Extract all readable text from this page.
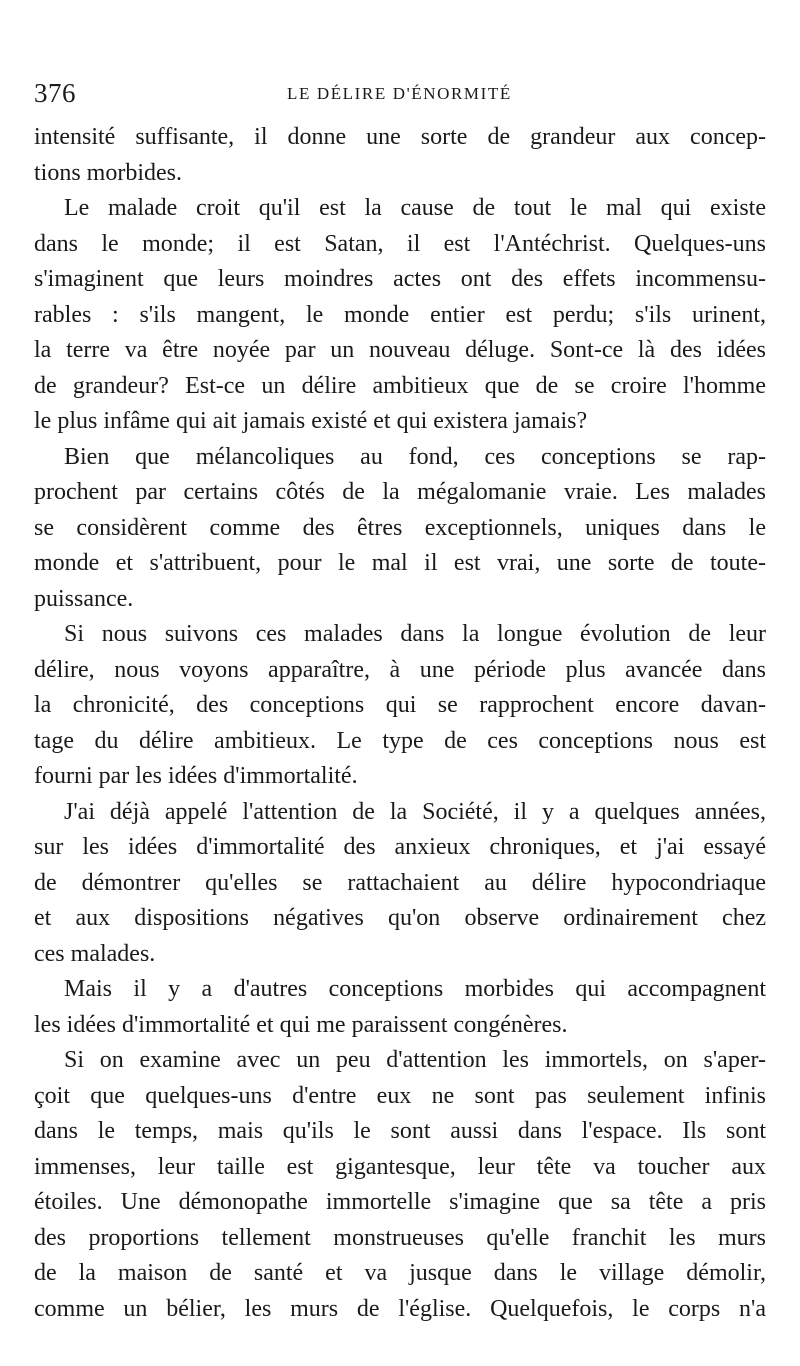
376	LE DÉLIRE D'ÉNORMITÉ
intensité suffisante, il donne une sorte de grandeur aux concep-
tions morbides.
Le malade croit qu'il est la cause de tout le mal qui existe
dans le monde; il est Satan, il est l'Antéchrist. Quelques-uns
s'imaginent que leurs moindres actes ont des effets incommensu-
rables : s'ils mangent, le monde entier est perdu; s'ils urinent,
la terre va être noyée par un nouveau déluge. Sont-ce là des idées
de grandeur? Est-ce un délire ambitieux que de se croire l'homme
le plus infâme qui ait jamais existé et qui existera jamais?
Bien que mélancoliques au fond, ces conceptions se rap-
prochent par certains côtés de la mégalomanie vraie. Les malades
se considèrent comme des êtres exceptionnels, uniques dans le
monde et s'attribuent, pour le mal il est vrai, une sorte de toute-
puissance.
Si nous suivons ces malades dans la longue évolution de leur
délire, nous voyons apparaître, à une période plus avancée dans
la chronicité, des conceptions qui se rapprochent encore davan-
tage du délire ambitieux. Le type de ces conceptions nous est
fourni par les idées d'immortalité.
J'ai déjà appelé l'attention de la Société, il y a quelques années,
sur les idées d'immortalité des anxieux chroniques, et j'ai essayé
de démontrer qu'elles se rattachaient au délire hypocondriaque
et aux dispositions négatives qu'on observe ordinairement chez
ces malades.
Mais il y a d'autres conceptions morbides qui accompagnent
les idées d'immortalité et qui me paraissent congénères.
Si on examine avec un peu d'attention les immortels, on s'aper-
çoit que quelques-uns d'entre eux ne sont pas seulement infinis
dans le temps, mais qu'ils le sont aussi dans l'espace. Ils sont
immenses, leur taille est gigantesque, leur tête va toucher aux
étoiles. Une démonopathe immortelle s'imagine que sa tête a pris
des proportions tellement monstrueuses qu'elle franchit les murs
de la maison de santé et va jusque dans le village démolir,
comme un bélier, les murs de l'église. Quelquefois, le corps n'a
